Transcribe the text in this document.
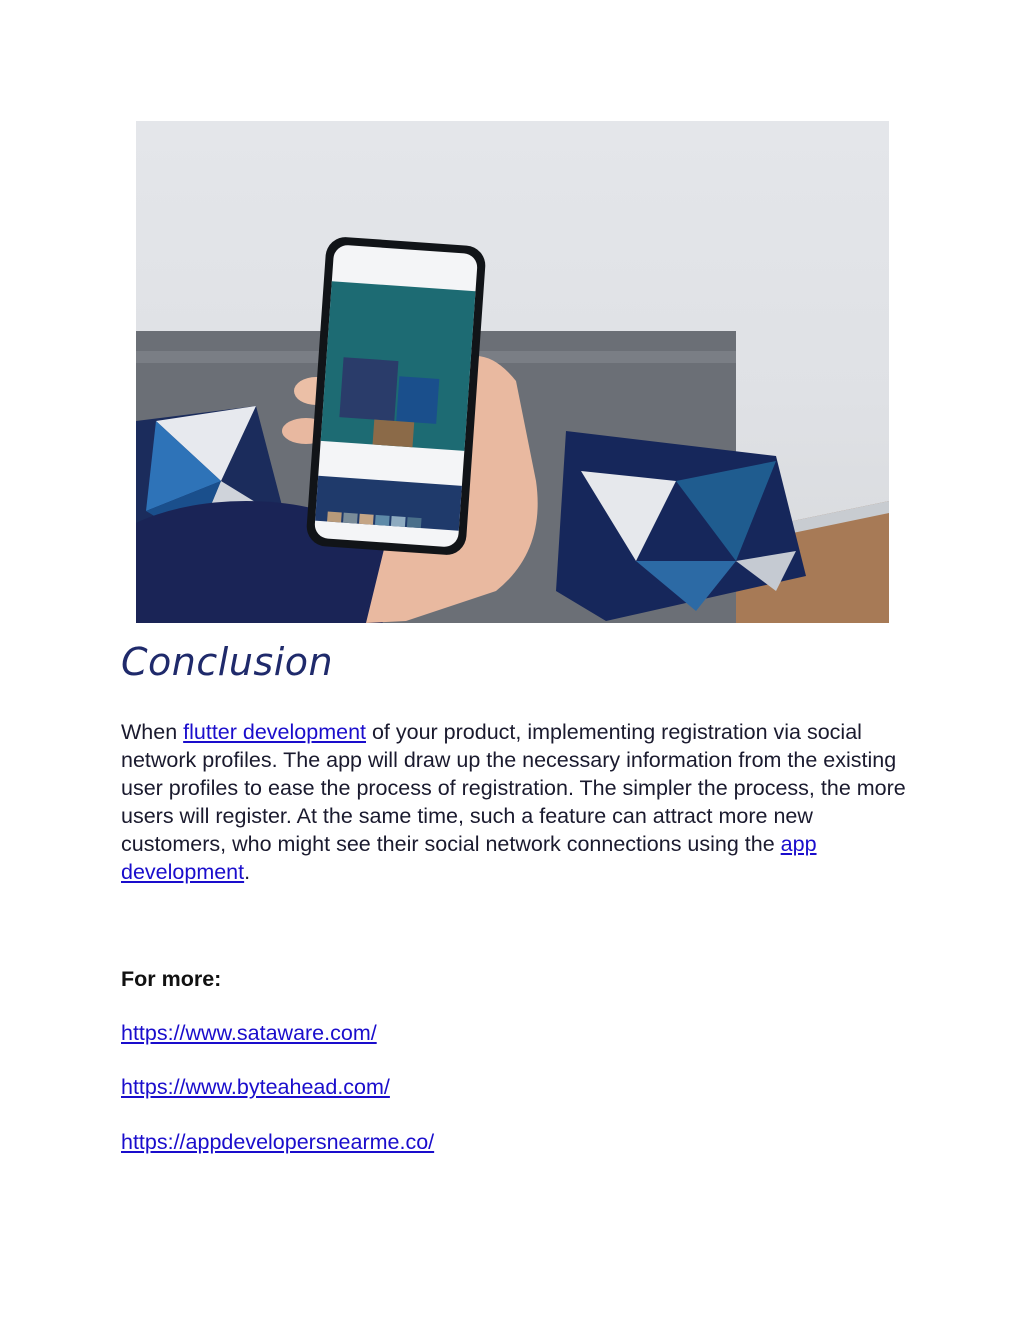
Conclusion

When flutter development of your product, implementing registration via social network profiles. The app will draw up the necessary information from the existing user profiles to ease the process of registration. The simpler the process, the more users will register. At the same time, such a feature can attract more new customers, who might see their social network connections using the app development.

For more:

https://www.sataware.com/
https://www.byteahead.com/
https://appdevelopersnearme.co/
